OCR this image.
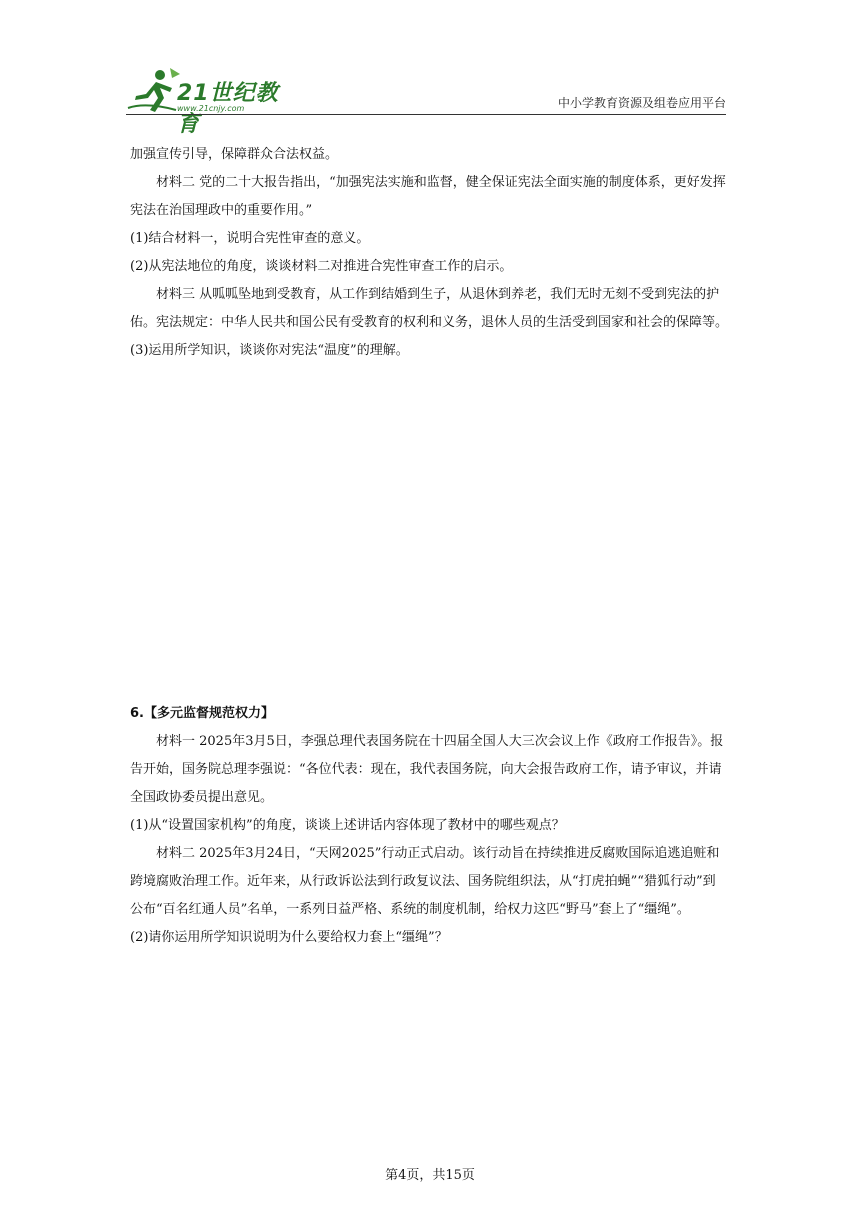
21世纪教育
www.21cnjy.com	中小学教育资源及组卷应用平台

加强宣传引导，保障群众合法权益。

材料二 党的二十大报告指出，“加强宪法实施和监督，健全保证宪法全面实施的制度体系，更好发挥宪法在治国理政中的重要作用。”

(1)结合材料一，说明合宪性审查的意义。

(2)从宪法地位的角度，谈谈材料二对推进合宪性审查工作的启示。

材料三 从呱呱坠地到受教育，从工作到结婚到生子，从退休到养老，我们无时无刻不受到宪法的护佑。宪法规定：中华人民共和国公民有受教育的权利和义务，退休人员的生活受到国家和社会的保障等。

(3)运用所学知识，谈谈你对宪法“温度”的理解。

6.【多元监督规范权力】

材料一 2025年3月5日，李强总理代表国务院在十四届全国人大三次会议上作《政府工作报告》。报告开始，国务院总理李强说：“各位代表：现在，我代表国务院，向大会报告政府工作，请予审议，并请全国政协委员提出意见。

(1)从“设置国家机构”的角度，谈谈上述讲话内容体现了教材中的哪些观点？

材料二 2025年3月24日，“天网2025”行动正式启动。该行动旨在持续推进反腐败国际追逃追赃和跨境腐败治理工作。近年来，从行政诉讼法到行政复议法、国务院组织法，从“打虎拍蝇”“猎狐行动”到公布“百名红通人员”名单，一系列日益严格、系统的制度机制，给权力这匹“野马”套上了“缰绳”。

(2)请你运用所学知识说明为什么要给权力套上“缰绳”？

第4页，共15页
